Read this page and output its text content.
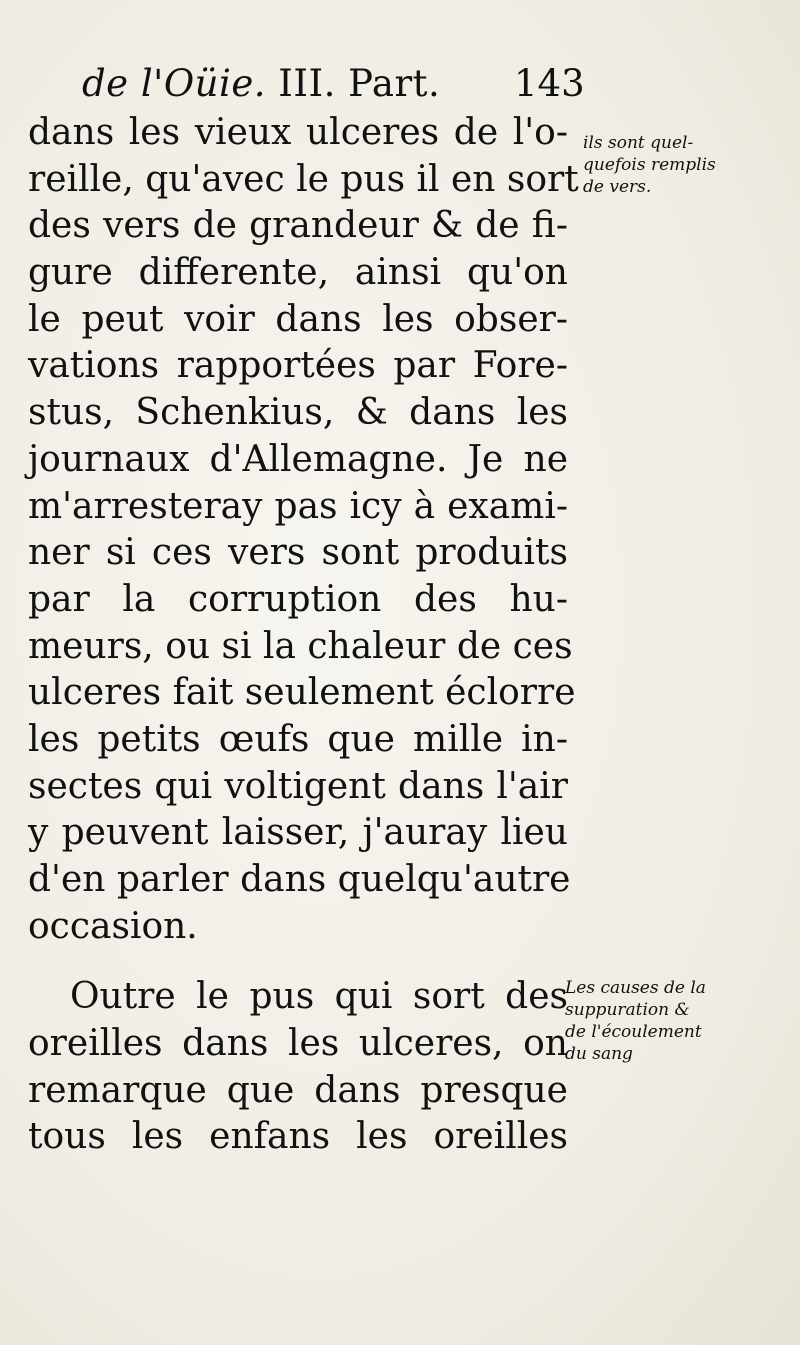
de l'Oüie. III. Part. 143
dans les vieux ulceres de l'o-
reille, qu'avec le pus il en sort
des vers de grandeur & de fi-
gure differente, ainsi qu'on
le peut voir dans les obser-
vations rapportées par Fore-
stus, Schenkius, & dans les
journaux d'Allemagne. Je ne
m'arresteray pas icy à exami-
ner si ces vers sont produits
par la corruption des hu-
meurs, ou si la chaleur de ces
ulceres fait seulement éclorre
les petits œufs que mille in-
sectes qui voltigent dans l'air
y peuvent laisser, j'auray lieu
d'en parler dans quelqu'autre
occasion.
Outre le pus qui sort des
oreilles dans les ulceres, on
remarque que dans presque
tous les enfans les oreilles
ils sont quel-
quefois remplis
de vers.
Les causes de la
suppuration &
de l'écoulement
du sang
